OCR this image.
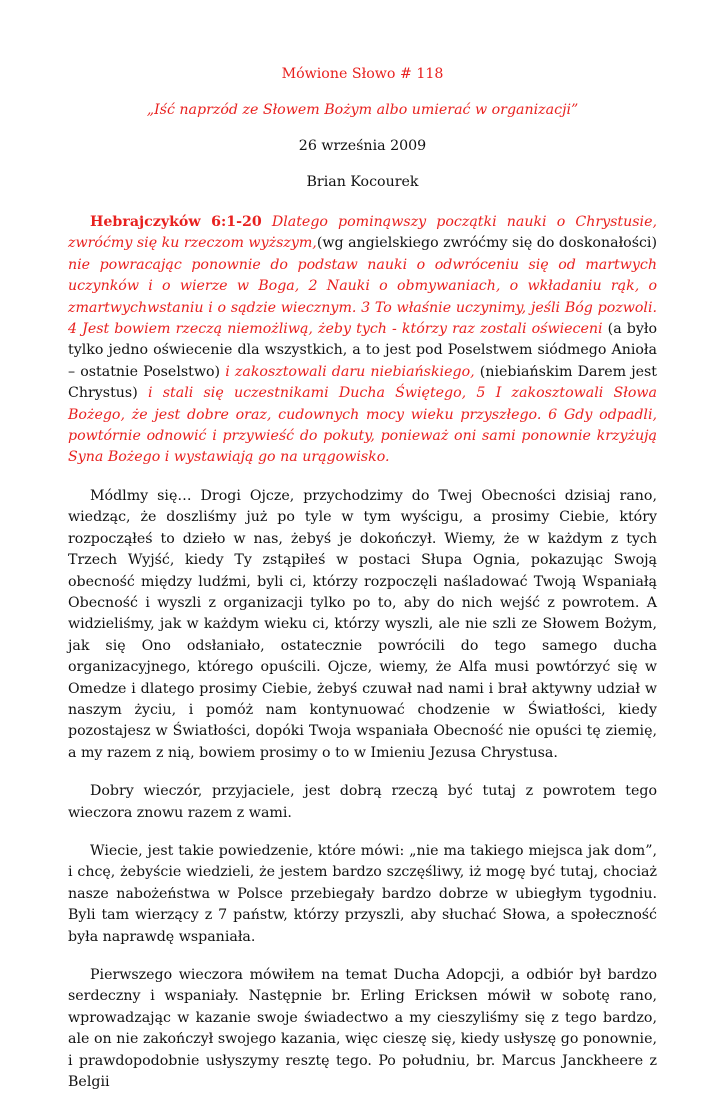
Mówione Słowo # 118

„Iść naprzód ze Słowem Bożym albo umierać w organizacji”

26 września 2009

Brian Kocourek

Hebrajczyków 6:1-20 Dlatego pominąwszy początki nauki o Chrystusie, zwróćmy się ku rzeczom wyższym,(wg angielskiego zwróćmy się do doskonałości) nie powracając ponownie do podstaw nauki o odwróceniu się od martwych uczynków i o wierze w Boga, 2 Nauki o obmywaniach, o wkładaniu rąk, o zmartwychwstaniu i o sądzie wiecznym. 3 To właśnie uczynimy, jeśli Bóg pozwoli. 4 Jest bowiem rzeczą niemożliwą, żeby tych - którzy raz zostali oświeceni (a było tylko jedno oświecenie dla wszystkich, a to jest pod Poselstwem siódmego Anioła – ostatnie Poselstwo) i zakosztowali daru niebiańskiego, (niebiańskim Darem jest Chrystus) i stali się uczestnikami Ducha Świętego, 5 I zakosztowali Słowa Bożego, że jest dobre oraz, cudownych mocy wieku przyszłego. 6 Gdy odpadli, powtórnie odnowić i przywieść do pokuty, ponieważ oni sami ponownie krzyżują Syna Bożego i wystawiają go na urągowisko.

Módlmy się… Drogi Ojcze, przychodzimy do Twej Obecności dzisiaj rano, wiedząc, że doszliśmy już po tyle w tym wyścigu, a prosimy Ciebie, który rozpocząłeś to dzieło w nas, żebyś je dokończył. Wiemy, że w każdym z tych Trzech Wyjść, kiedy Ty zstąpiłeś w postaci Słupa Ognia, pokazując Swoją obecność między ludźmi, byli ci, którzy rozpoczęli naśladować Twoją Wspaniałą Obecność i wyszli z organizacji tylko po to, aby do nich wejść z powrotem. A widzieliśmy, jak w każdym wieku ci, którzy wyszli, ale nie szli ze Słowem Bożym, jak się Ono odsłaniało, ostatecznie powrócili do tego samego ducha organizacyjnego, którego opuścili. Ojcze, wiemy, że Alfa musi powtórzyć się w Omedze i dlatego prosimy Ciebie, żebyś czuwał nad nami i brał aktywny udział w naszym życiu, i pomóż nam kontynuować chodzenie w Światłości, kiedy pozostajesz w Światłości, dopóki Twoja wspaniała Obecność nie opuści tę ziemię, a my razem z nią, bowiem prosimy o to w Imieniu Jezusa Chrystusa.

Dobry wieczór, przyjaciele, jest dobrą rzeczą być tutaj z powrotem tego wieczora znowu razem z wami.

Wiecie, jest takie powiedzenie, które mówi: „nie ma takiego miejsca jak dom”, i chcę, żebyście wiedzieli, że jestem bardzo szczęśliwy, iż mogę być tutaj, chociaż nasze nabożeństwa w Polsce przebiegały bardzo dobrze w ubiegłym tygodniu. Byli tam wierzący z 7 państw, którzy przyszli, aby słuchać Słowa, a społeczność była naprawdę wspaniała.

Pierwszego wieczora mówiłem na temat Ducha Adopcji, a odbiór był bardzo serdeczny i wspaniały. Następnie br. Erling Ericksen mówił w sobotę rano, wprowadzając w kazanie swoje świadectwo a my cieszyliśmy się z tego bardzo, ale on nie zakończył swojego kazania, więc cieszę się, kiedy usłyszę go ponownie, i prawdopodobnie usłyszymy resztę tego. Po południu, br. Marcus Janckheere z Belgii
